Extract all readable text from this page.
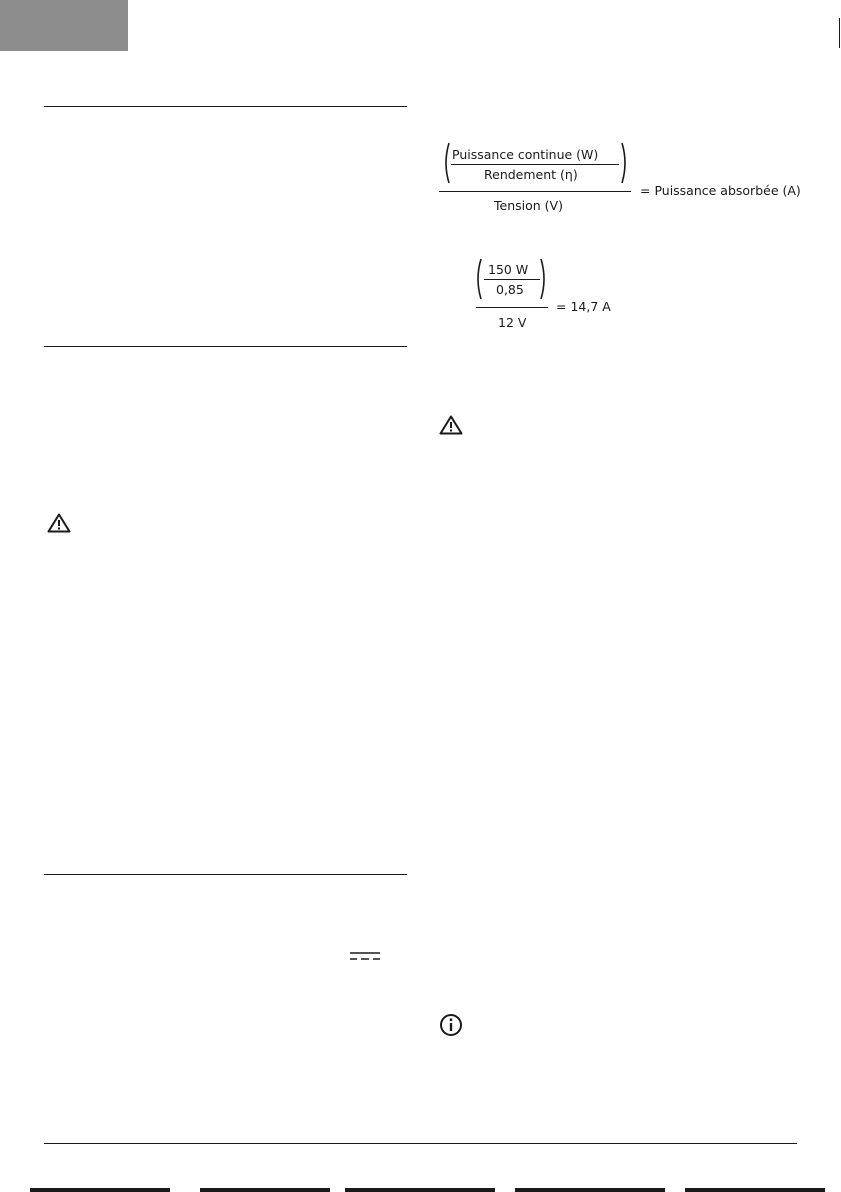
Puissance continue (W)
Rendement (η)
Tension (V)
= Puissance absorbée (A)
150 W
0,85
12 V
= 14,7 A
